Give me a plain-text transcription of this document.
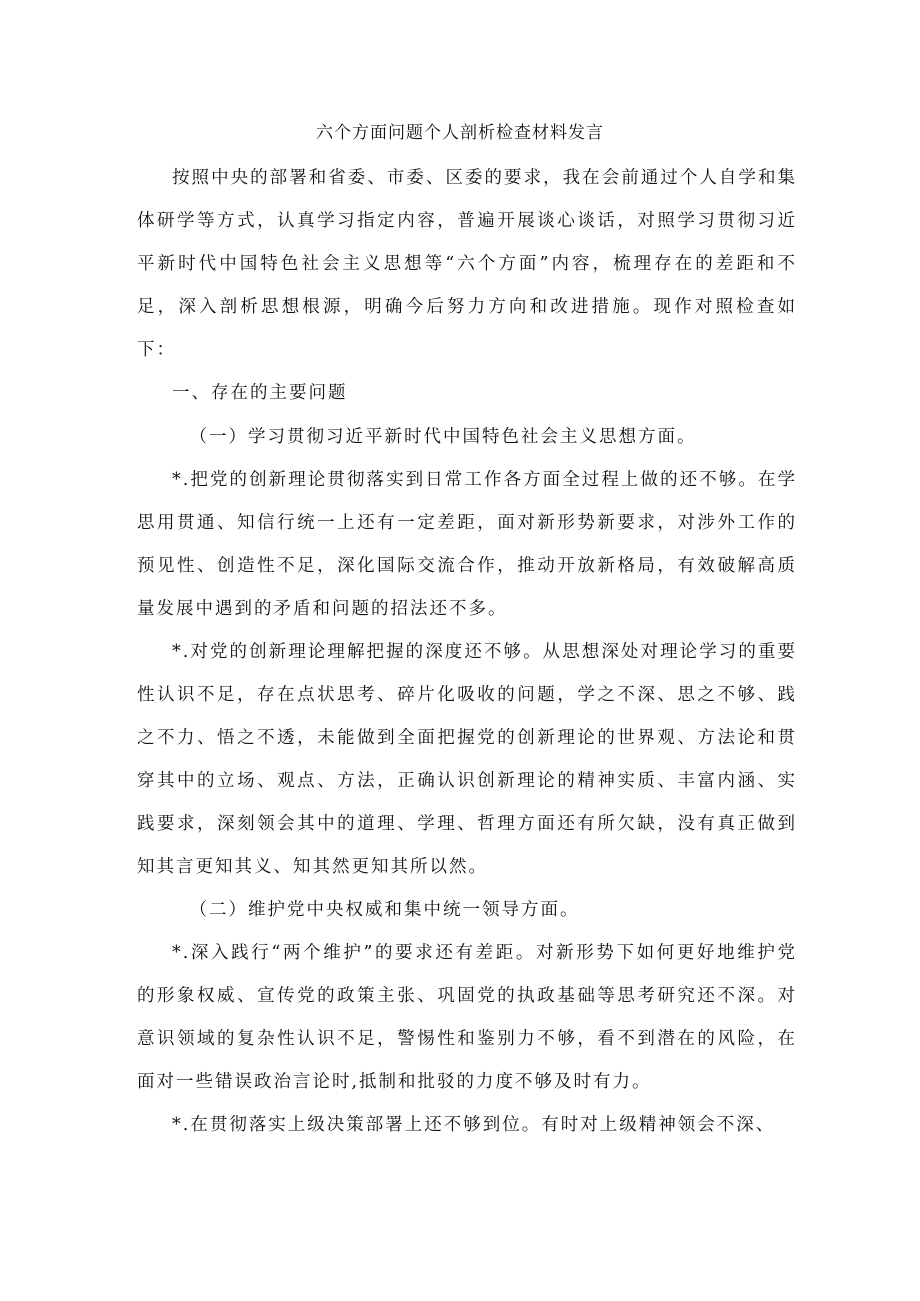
六个方面问题个人剖析检查材料发言

按照中央的部署和省委、市委、区委的要求，我在会前通过个人自学和集体研学等方式，认真学习指定内容，普遍开展谈心谈话，对照学习贯彻习近平新时代中国特色社会主义思想等“六个方面”内容，梳理存在的差距和不足，深入剖析思想根源，明确今后努力方向和改进措施。现作对照检查如下：

一、存在的主要问题

（一）学习贯彻习近平新时代中国特色社会主义思想方面。

*.把党的创新理论贯彻落实到日常工作各方面全过程上做的还不够。在学思用贯通、知信行统一上还有一定差距，面对新形势新要求，对涉外工作的预见性、创造性不足，深化国际交流合作，推动开放新格局，有效破解高质量发展中遇到的矛盾和问题的招法还不多。

*.对党的创新理论理解把握的深度还不够。从思想深处对理论学习的重要性认识不足，存在点状思考、碎片化吸收的问题，学之不深、思之不够、践之不力、悟之不透，未能做到全面把握党的创新理论的世界观、方法论和贯穿其中的立场、观点、方法，正确认识创新理论的精神实质、丰富内涵、实践要求，深刻领会其中的道理、学理、哲理方面还有所欠缺，没有真正做到知其言更知其义、知其然更知其所以然。

（二）维护党中央权威和集中统一领导方面。

*.深入践行“两个维护”的要求还有差距。对新形势下如何更好地维护党的形象权威、宣传党的政策主张、巩固党的执政基础等思考研究还不深。对意识领域的复杂性认识不足，警惕性和鉴别力不够，看不到潜在的风险，在面对一些错误政治言论时,抵制和批驳的力度不够及时有力。

*.在贯彻落实上级决策部署上还不够到位。有时对上级精神领会不深、
